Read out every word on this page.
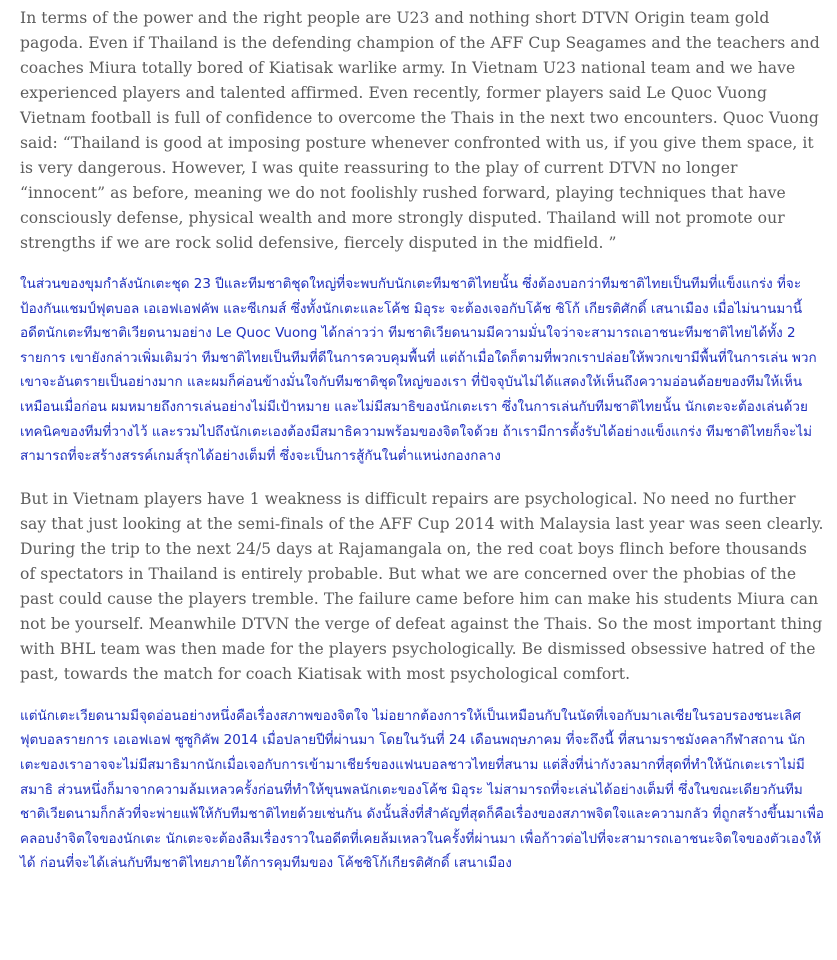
In terms of the power and the right people are U23 and nothing short DTVN Origin team gold pagoda. Even if Thailand is the defending champion of the AFF Cup Seagames and the teachers and coaches Miura totally bored of Kiatisak warlike army. In Vietnam U23 national team and we have experienced players and talented affirmed. Even recently, former players said Le Quoc Vuong Vietnam football is full of confidence to overcome the Thais in the next two encounters. Quoc Vuong said: “Thailand is good at imposing posture whenever confronted with us, if you give them space, it is very dangerous. However, I was quite reassuring to the play of current DTVN no longer “innocent” as before, meaning we do not foolishly rushed forward, playing techniques that have consciously defense, physical wealth and more strongly disputed. Thailand will not promote our strengths if we are rock solid defensive, fiercely disputed in the midfield. ”

ในส่วนของขุมกำลังนักเตะชุด 23 ปีและทีมชาติชุดใหญ่ที่จะพบกับนักเตะทีมชาติไทยนั้น ซึ่งต้องบอกว่าทีมชาติไทยเป็นทีมที่แข็งแกร่ง ที่จะป้องกันแชมป์ฟุตบอล เอเอฟเอฟคัพ และซีเกมส์ ซึ่งทั้งนักเตะและโค้ช มิอุระ จะต้องเจอกับโค้ช ซิโก้ เกียรติศักดิ์ เสนาเมือง เมื่อไม่นานมานี้ อดีตนักเตะทีมชาติเวียดนามอย่าง Le Quoc Vuong ได้กล่าวว่า ทีมชาติเวียดนามมีความมั่นใจว่าจะสามารถเอาชนะทีมชาติไทยได้ทั้ง 2 รายการ เขายังกล่าวเพิ่มเติมว่า ทีมชาติไทยเป็นทีมที่ดีในการควบคุมพื้นที่ แต่ถ้าเมื่อใดก็ตามที่พวกเราปล่อยให้พวกเขามีพื้นที่ในการเล่น พวกเขาจะอันตรายเป็นอย่างมาก และผมก็ค่อนข้างมั่นใจกับทีมชาติชุดใหญ่ของเรา ที่ปัจจุบันไม่ได้แสดงให้เห็นถึงความอ่อนด้อยของทีมให้เห็นเหมือนเมื่อก่อน ผมหมายถึงการเล่นอย่างไม่มีเป้าหมาย และไม่มีสมาธิของนักเตะเรา ซึ่งในการเล่นกับทีมชาติไทยนั้น นักเตะจะต้องเล่นด้วยเทคนิคของทีมที่วางไว้ และรวมไปถึงนักเตะเองต้องมีสมาธิความพร้อมของจิตใจด้วย ถ้าเรามีการตั้งรับได้อย่างแข็งแกร่ง ทีมชาติไทยก็จะไม่สามารถที่จะสร้างสรรค์เกมส์รุกได้อย่างเต็มที่ ซึ่งจะเป็นการสู้กันในต่ำแหน่งกองกลาง

But in Vietnam players have 1 weakness is difficult repairs are psychological. No need no further say that just looking at the semi-finals of the AFF Cup 2014 with Malaysia last year was seen clearly. During the trip to the next 24/5 days at Rajamangala on, the red coat boys flinch before thousands of spectators in Thailand is entirely probable. But what we are concerned over the phobias of the past could cause the players tremble. The failure came before him can make his students Miura can not be yourself. Meanwhile DTVN the verge of defeat against the Thais. So the most important thing with BHL team was then made for the players psychologically. Be dismissed obsessive hatred of the past, towards the match for coach Kiatisak with most psychological comfort.

แต่นักเตะเวียดนามมีจุดอ่อนอย่างหนึ่งคือเรื่องสภาพของจิตใจ ไม่อยากต้องการให้เป็นเหมือนกับในนัดที่เจอกับมาเลเซียในรอบรองชนะเลิศ ฟุตบอลรายการ เอเอฟเอฟ ซูซูกิคัพ 2014 เมื่อปลายปีที่ผ่านมา โดยในวันที่ 24 เดือนพฤษภาคม ที่จะถึงนี้ ที่สนามราชมังคลากีฬาสถาน นักเตะของเราอาจจะไม่มีสมาธิมากนักเมื่อเจอกับการเข้ามาเชียร์ของแฟนบอลชาวไทยที่สนาม แต่สิ่งที่น่ากังวลมากที่สุดที่ทำให้นักเตะเราไม่มีสมาธิ ส่วนหนึ่งก็มาจากความล้มเหลวครั้งก่อนที่ทำให้ขุนพลนักเตะของโค้ช มิอุระ ไม่สามารถที่จะเล่นได้อย่างเต็มที่ ซึ่งในขณะเดียวกันทีมชาติเวียดนามก็กลัวที่จะพ่ายแพ้ให้กับทีมชาติไทยด้วยเช่นกัน ดังนั้นสิ่งที่สำคัญที่สุดก็คือเรื่องของสภาพจิตใจและความกลัว ที่ถูกสร้างขึ้นมาเพื่อคลอบงำจิตใจของนักเตะ นักเตะจะต้องลืมเรื่องราวในอดีตที่เคยล้มเหลวในครั้งที่ผ่านมา เพื่อก้าวต่อไปที่จะสามารถเอาชนะจิตใจของตัวเองให้ได้ ก่อนที่จะได้เล่นกับทีมชาติไทยภายใต้การคุมทีมของ โค้ชซิโก้เกียรติศักดิ์ เสนาเมือง
